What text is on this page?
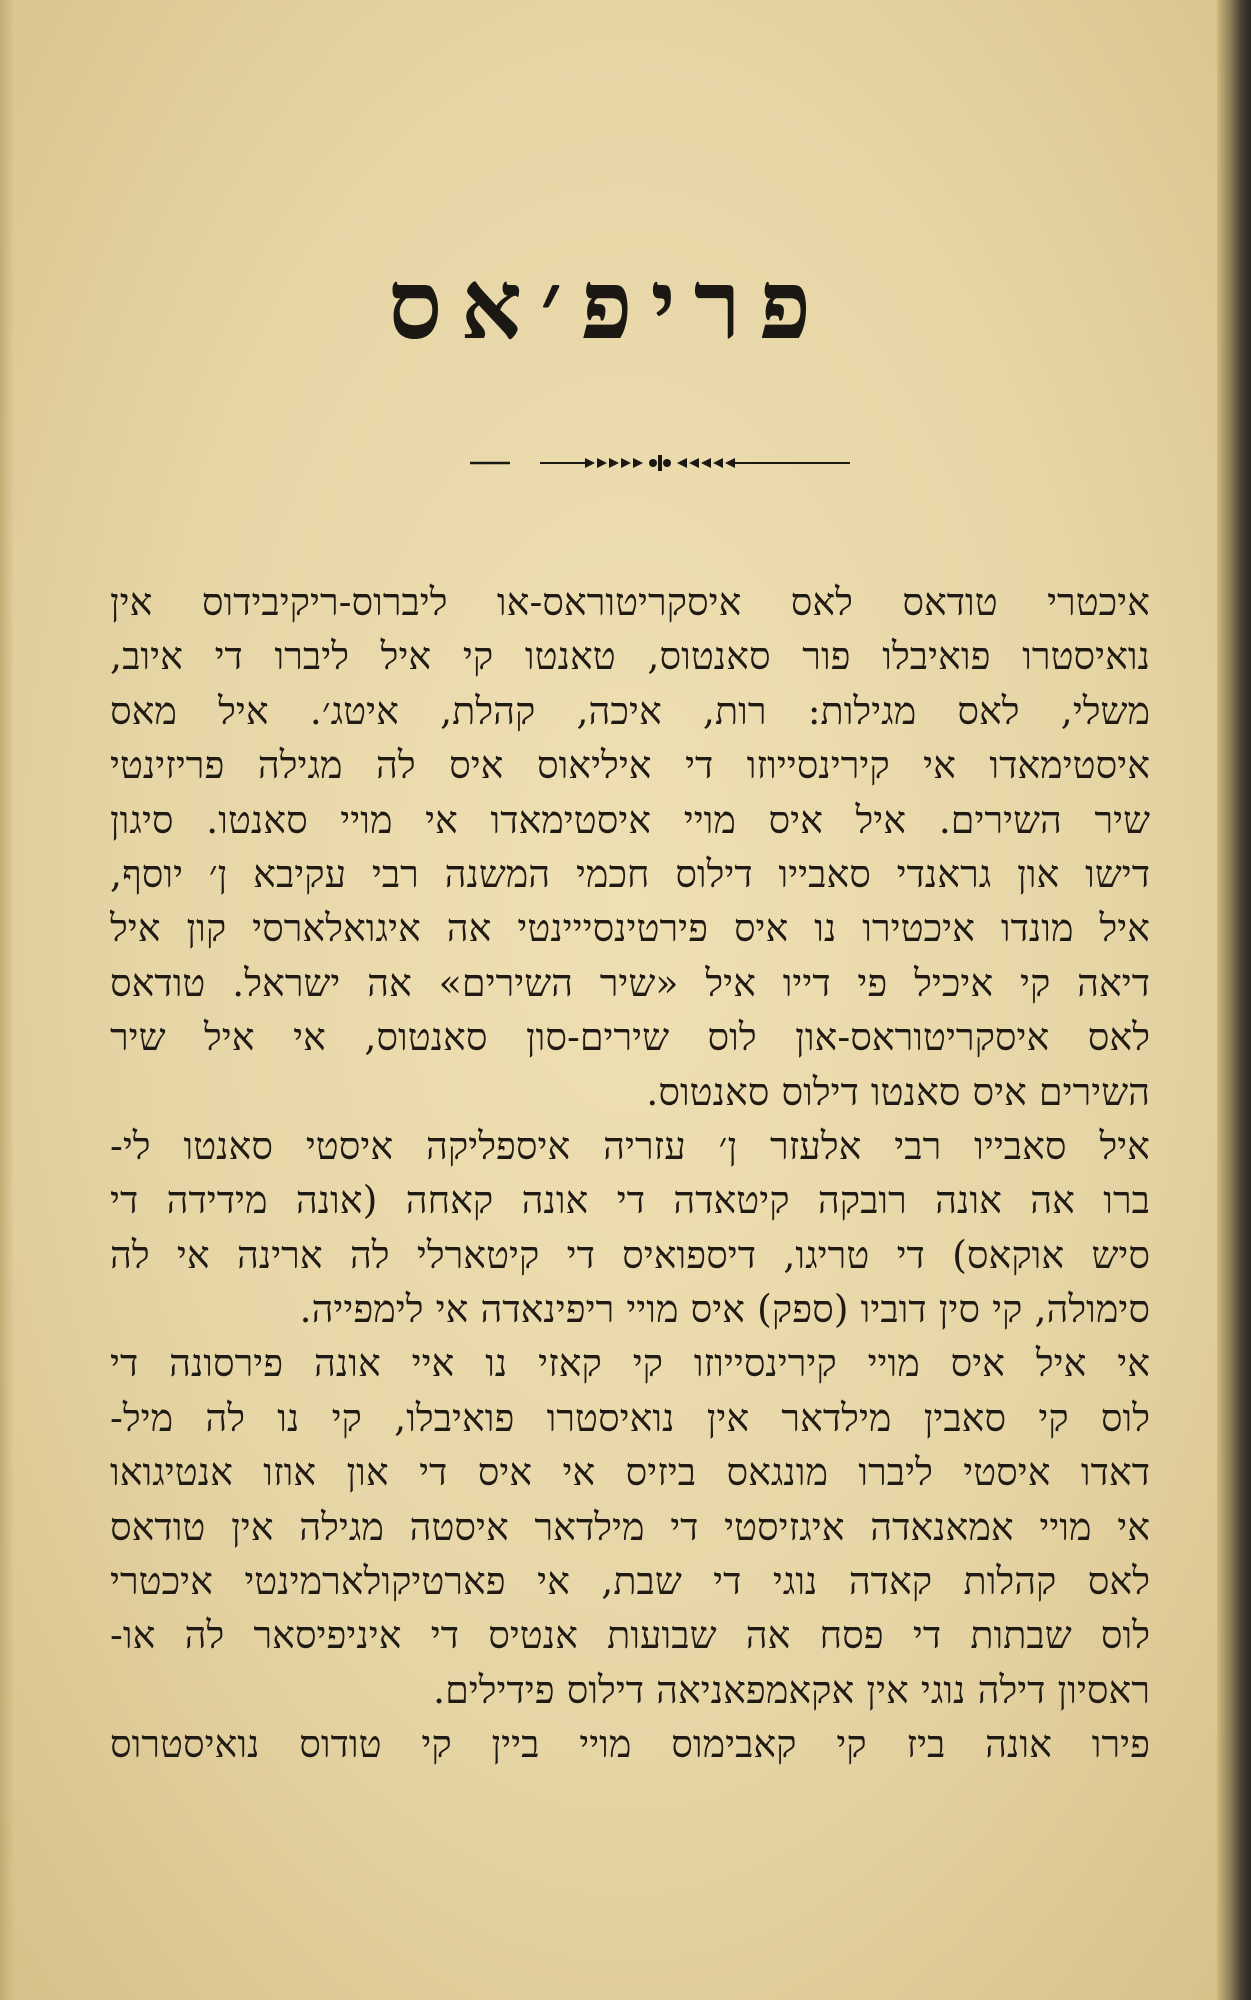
פריפ׳אס
איכטרי טודאס לאס איסקריטוראס-או ליברוס-ריקיבידוס אין
נואיסטרו פואיבלו פור סאנטוס, טאנטו קי איל ליברו די איוב,
משלי, לאס מגילות: רות, איכה, קהלת, איטג׳. איל מאס
איסטימאדו אי קירינסייוזו די איליאוס איס לה מגילה פריזינטי
שיר השירים. איל איס מויי איסטימאדו אי מויי סאנטו. סיגון
דישו און גראנדי סאבייו דילוס חכמי המשנה רבי עקיבא ן׳ יוסף,
איל מונדו איכטירו נו איס פירטינסייינטי אה איגואלארסי קון איל
דיאה קי איכיל פי דייו איל «שיר השירים» אה ישראל. טודאס
לאס איסקריטוראס-און לוס שירים-סון סאנטוס, אי איל שיר
השירים איס סאנטו דילוס סאנטוס.
איל סאבייו רבי אלעזר ן׳ עזריה איספליקה איסטי סאנטו לי-
ברו אה אונה רובקה קיטאדה די אונה קאחה (אונה מידידה די
סיש אוקאס) די טריגו, דיספואיס די קיטארלי לה ארינה אי לה
סימולה, קי סין דוביו (ספק) איס מויי ריפינאדה אי לימפייה.
אי איל איס מויי קירינסייוזו קי קאזי נו איי אונה פירסונה די
לוס קי סאבין מילדאר אין נואיסטרו פואיבלו, קי נו לה מיל-
דאדו איסטי ליברו מונגאס ביזיס אי איס די און אוזו אנטיגואו
אי מויי אמאנאדה איגזיסטי די מילדאר איסטה מגילה אין טודאס
לאס קהלות קאדה נוגי די שבת, אי פארטיקולארמינטי איכטרי
לוס שבתות די פסח אה שבועות אנטיס די איניפיסאר לה או-
ראסיון דילה נוגי אין אקאמפאניאה דילוס פידילים.
פירו אונה ביז קי קאבימוס מויי ביין קי טודוס נואיסטרוס
